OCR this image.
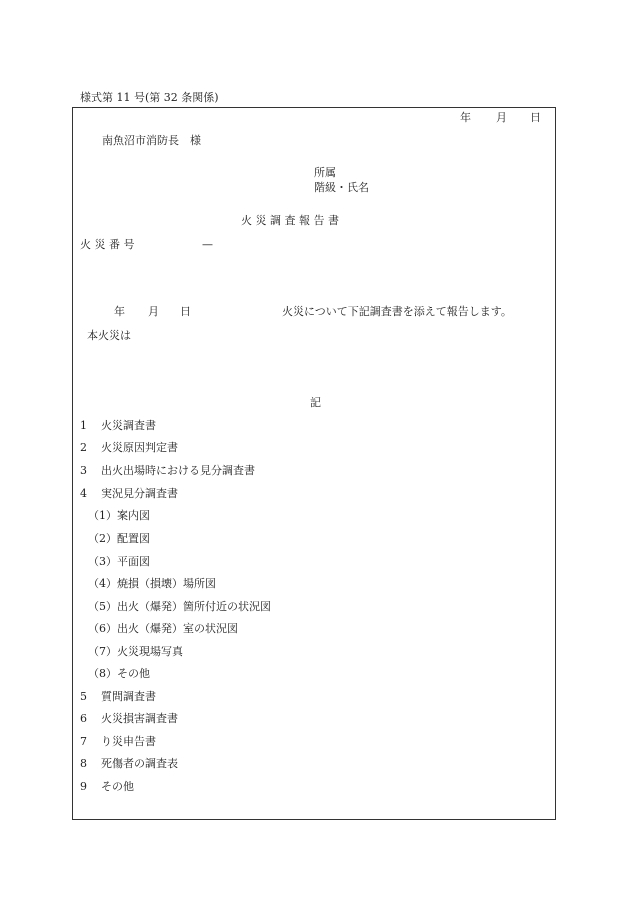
様式第 11 号(第 32 条関係)
年 月 日
南魚沼市消防長　様
所属
階級・氏名
火 災 調 査 報 告 書
火 災 番 号	—
年 月 日	火災について下記調査書を添えて報告します。
本火災は
記
1 火災調査書
2 火災原因判定書
3 出火出場時における見分調査書
4 実況見分調査書
（1）案内図
（2）配置図
（3）平面図
（4）焼損（損壊）場所図
（5）出火（爆発）箇所付近の状況図
（6）出火（爆発）室の状況図
（7）火災現場写真
（8）その他
5 質問調査書
6 火災損害調査書
7 り災申告書
8 死傷者の調査表
9 その他
